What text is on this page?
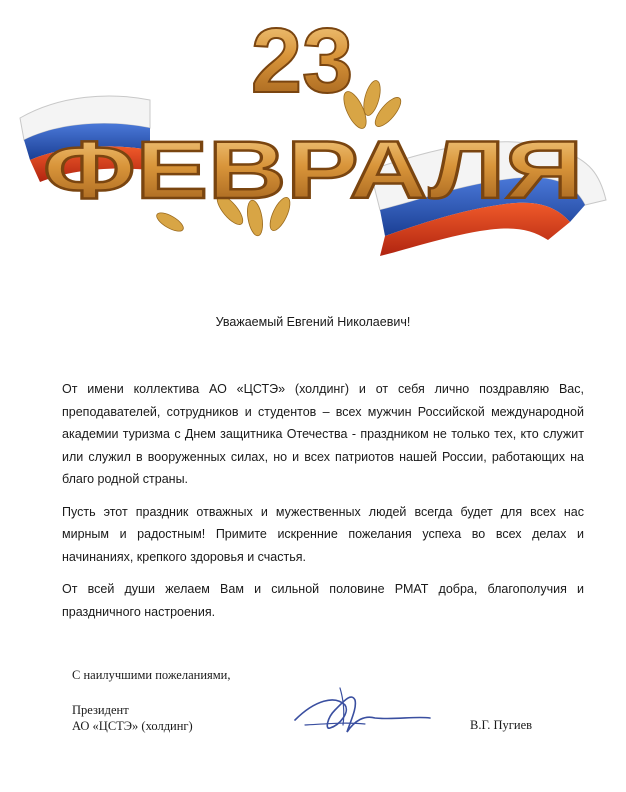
23
ФЕВРАЛЯ
Уважаемый Евгений Николаевич!

От имени коллектива АО «ЦСТЭ» (холдинг) и от себя лично поздравляю Вас, преподавателей, сотрудников и студентов – всех мужчин Российской международной академии туризма с Днем защитника Отечества - праздником не только тех, кто служит или служил в вооруженных силах, но и всех патриотов нашей России, работающих на благо родной страны.

Пусть этот праздник отважных и мужественных людей всегда будет для всех нас мирным и радостным! Примите искренние пожелания успеха во всех делах и начинаниях, крепкого здоровья и счастья.

От всей души желаем Вам и сильной половине РМАТ добра, благополучия и праздничного настроения.

С наилучшими пожеланиями,
Президент
АО «ЦСТЭ» (холдинг)	В.Г. Пугиев
